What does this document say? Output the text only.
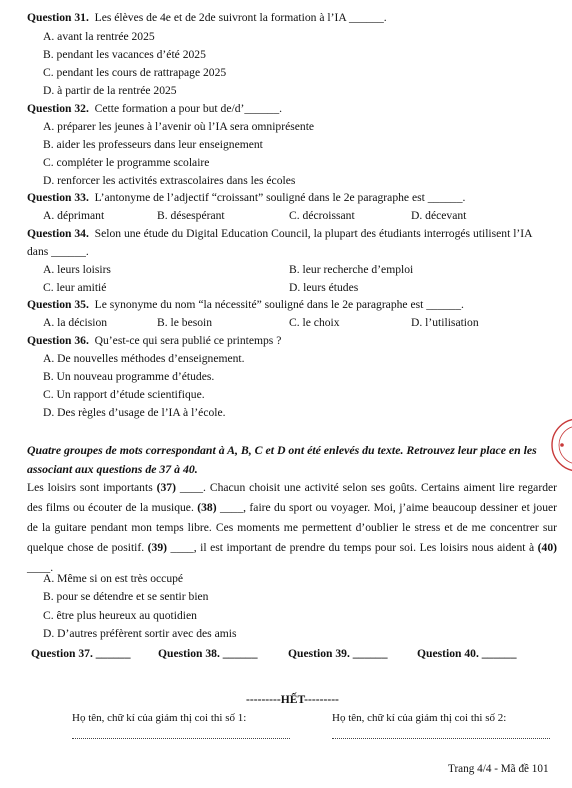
Question 31. Les élèves de 4e et de 2de suivront la formation à l’IA ______.
A. avant la rentrée 2025
B. pendant les vacances d’été 2025
C. pendant les cours de rattrapage 2025
D. à partir de la rentrée 2025
Question 32. Cette formation a pour but de/d’______.
A. préparer les jeunes à l’avenir où l’IA sera omniprésente
B. aider les professeurs dans leur enseignement
C. compléter le programme scolaire
D. renforcer les activités extrascolaires dans les écoles
Question 33. L’antonyme de l’adjectif “croissant” souligné dans le 2e paragraphe est ______.
A. déprimant	B. désespérant	C. décroissant	D. décevant
Question 34. Selon une étude du Digital Education Council, la plupart des étudiants interrogés utilisent l’IA
dans ______.
A. leurs loisirs	B. leur recherche d’emploi
C. leur amitié	D. leurs études
Question 35. Le synonyme du nom “la nécessité” souligné dans le 2e paragraphe est ______.
A. la décision	B. le besoin	C. le choix	D. l’utilisation
Question 36. Qu’est-ce qui sera publié ce printemps ?
A. De nouvelles méthodes d’enseignement.
B. Un nouveau programme d’études.
C. Un rapport d’étude scientifique.
D. Des règles d’usage de l’IA à l’école.
Quatre groupes de mots correspondant à A, B, C et D ont été enlevés du texte. Retrouvez leur place en les associant aux questions de 37 à 40.
Les loisirs sont importants (37) ____. Chacun choisit une activité selon ses goûts. Certains aiment lire regarder des films ou écouter de la musique. (38) ____, faire du sport ou voyager. Moi, j’aime beaucoup dessiner et jouer de la guitare pendant mon temps libre. Ces moments me permettent d’oublier le stress et de me concentrer sur quelque chose de positif. (39) ____, il est important de prendre du temps pour soi. Les loisirs nous aident à (40) ____.
A. Même si on est très occupé
B. pour se détendre et se sentir bien
C. être plus heureux au quotidien
D. D’autres préfèrent sortir avec des amis
Question 37. ______ Question 38. ______	Question 39. ______	Question 40. ______
---------HẾT---------
Họ tên, chữ kí của giám thị coi thi số 1:	Họ tên, chữ kí của giám thị coi thi số 2:
Trang 4/4 - Mã đề 101
